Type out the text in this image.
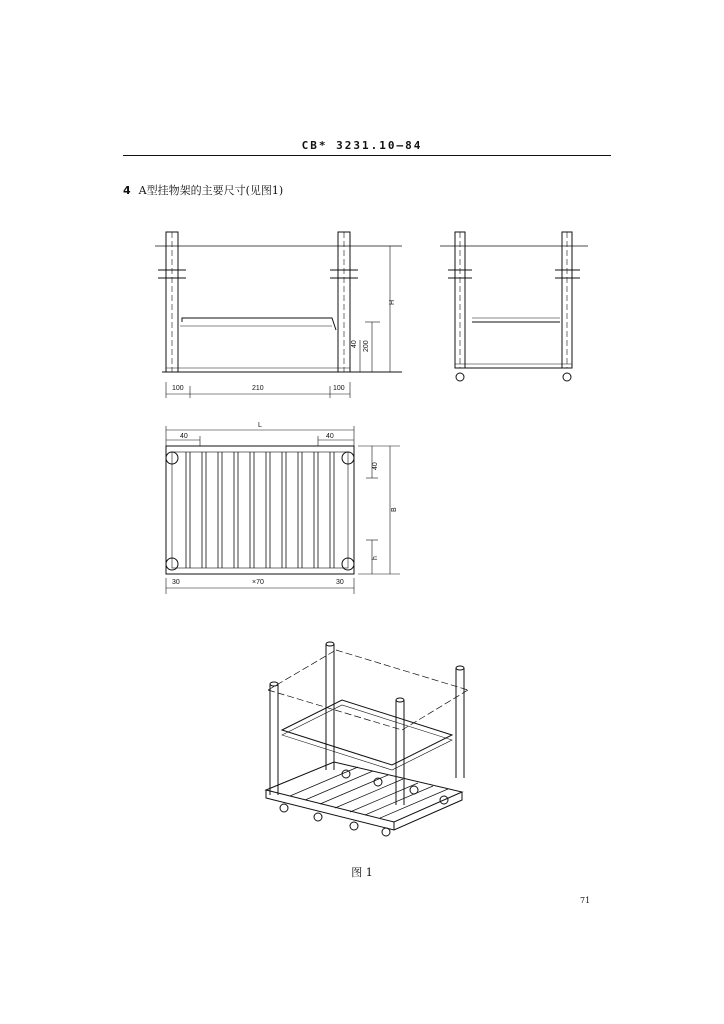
CB* 3231.10—84
4 A型挂物架的主要尺寸(见图1)
100	210	100
H
40 200
L
40	40
B
40
h
30	×70	30
图 1
71
